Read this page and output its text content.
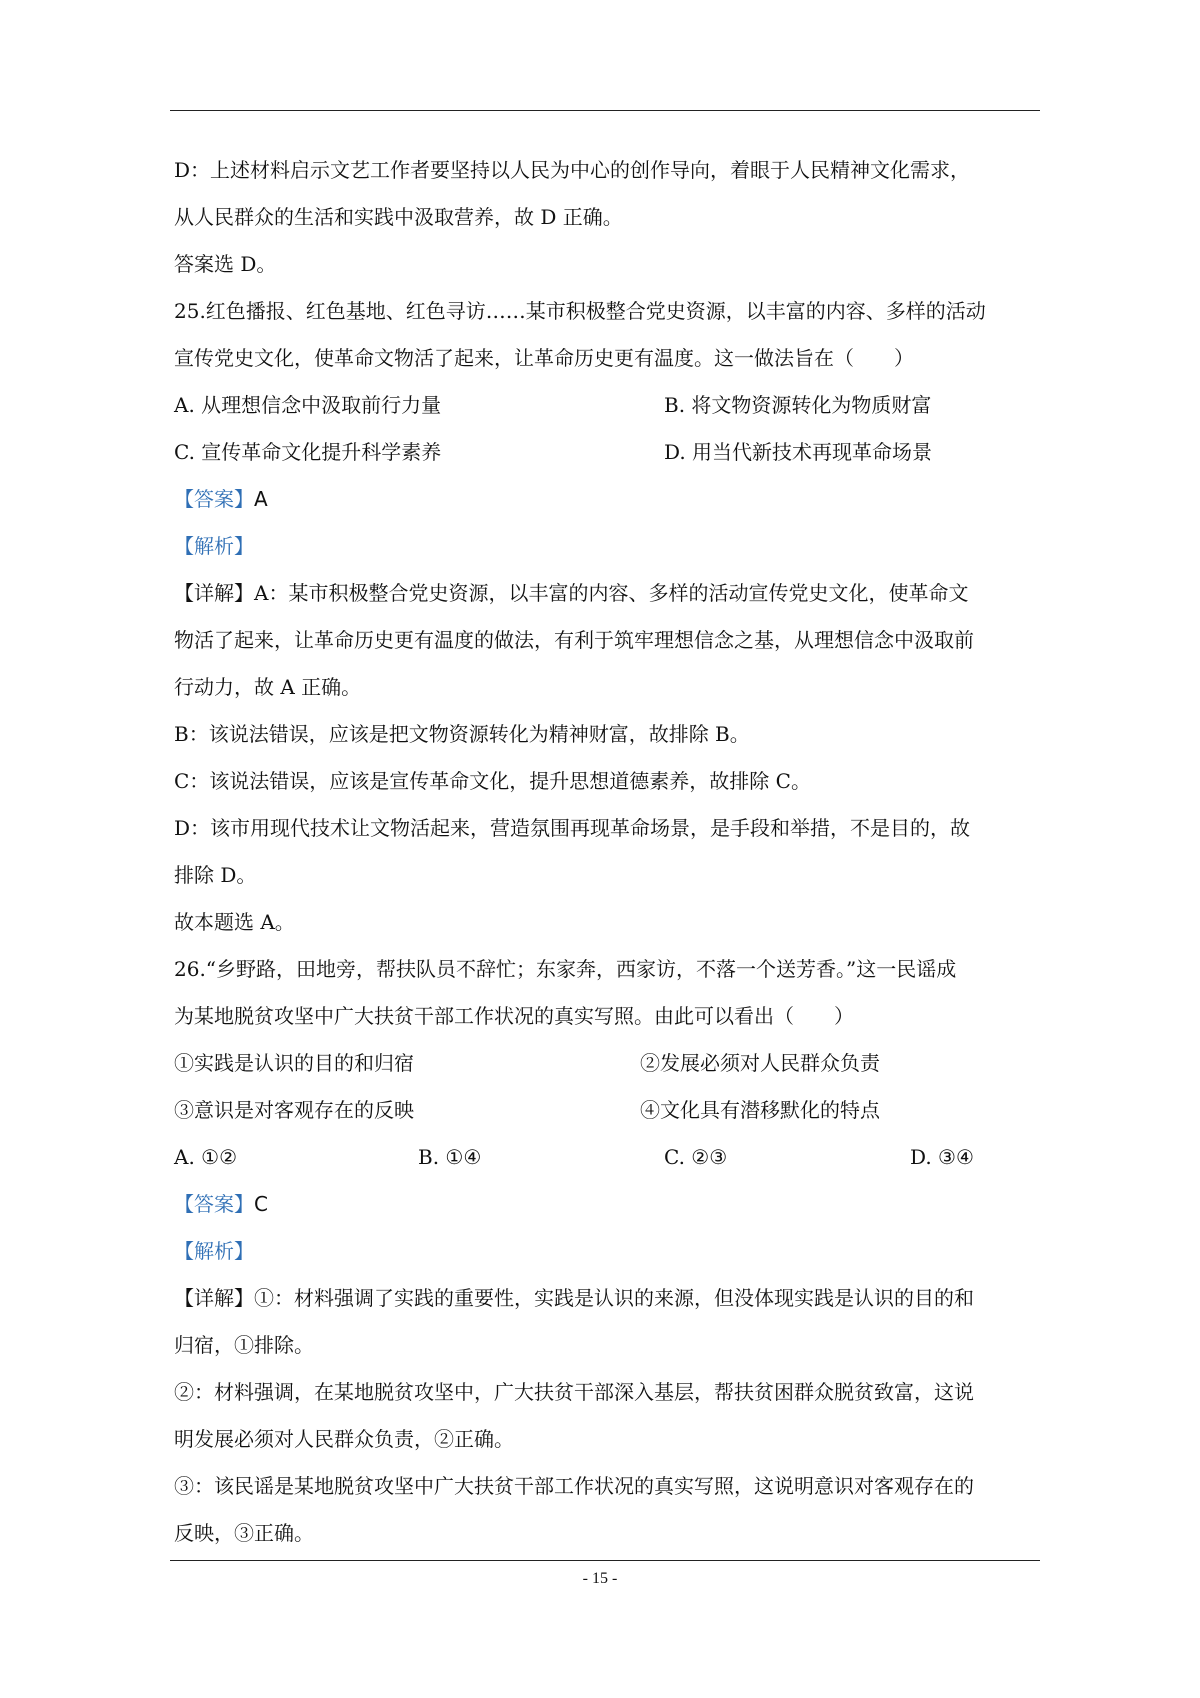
D：上述材料启示文艺工作者要坚持以人民为中心的创作导向，着眼于人民精神文化需求，
从人民群众的生活和实践中汲取营养，故 D 正确。
答案选 D。
25.红色播报、红色基地、红色寻访……某市积极整合党史资源，以丰富的内容、多样的活动
宣传党史文化，使革命文物活了起来，让革命历史更有温度。这一做法旨在（　　）
A. 从理想信念中汲取前行力量	B. 将文物资源转化为物质财富
C. 宣传革命文化提升科学素养	D. 用当代新技术再现革命场景
【答案】A
【解析】
【详解】A：某市积极整合党史资源，以丰富的内容、多样的活动宣传党史文化，使革命文
物活了起来，让革命历史更有温度的做法，有利于筑牢理想信念之基，从理想信念中汲取前
行动力，故 A 正确。
B：该说法错误，应该是把文物资源转化为精神财富，故排除 B。
C：该说法错误，应该是宣传革命文化，提升思想道德素养，故排除 C。
D：该市用现代技术让文物活起来，营造氛围再现革命场景，是手段和举措，不是目的，故
排除 D。
故本题选 A。
26.“乡野路，田地旁，帮扶队员不辞忙；东家奔，西家访，不落一个送芳香。”这一民谣成
为某地脱贫攻坚中广大扶贫干部工作状况的真实写照。由此可以看出（　　）
①实践是认识的目的和归宿	②发展必须对人民群众负责
③意识是对客观存在的反映	④文化具有潜移默化的特点
A. ①②	B. ①④	C. ②③	D. ③④
【答案】C
【解析】
【详解】①：材料强调了实践的重要性，实践是认识的来源，但没体现实践是认识的目的和
归宿，①排除。
②：材料强调，在某地脱贫攻坚中，广大扶贫干部深入基层，帮扶贫困群众脱贫致富，这说
明发展必须对人民群众负责，②正确。
③：该民谣是某地脱贫攻坚中广大扶贫干部工作状况的真实写照，这说明意识对客观存在的
反映，③正确。
- 15 -
